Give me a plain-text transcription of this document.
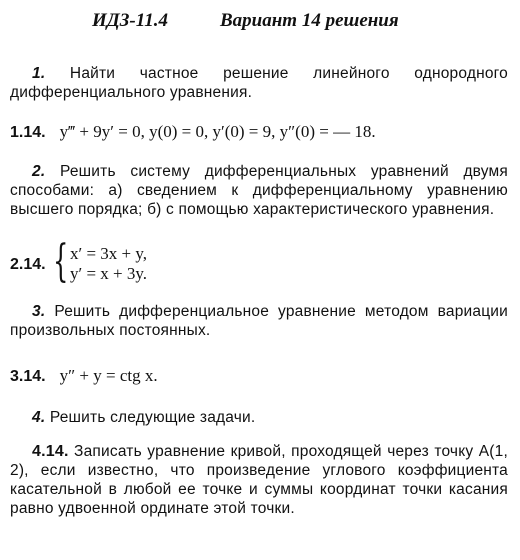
ИДЗ-11.4	Вариант 14 решения
1. Найти частное решение линейного однородного дифференциального уравнения.
1.14. y‴ + 9y′ = 0, y(0) = 0, y′(0) = 9, y″(0) = — 18.
2. Решить систему дифференциальных уравнений двумя способами: а) сведением к дифференциальному уравнению высшего порядка; б) с помощью характеристического уравнения.
2.14. { x′ = 3x + y,
y′ = x + 3y.
3. Решить дифференциальное уравнение методом вариации произвольных постоянных.
3.14. y″ + y = ctg x.
4. Решить следующие задачи.
4.14. Записать уравнение кривой, проходящей через точку A(1, 2), если известно, что произведение углового коэффициента касательной в любой ее точке и суммы координат точки касания равно удвоенной ординате этой точки.
